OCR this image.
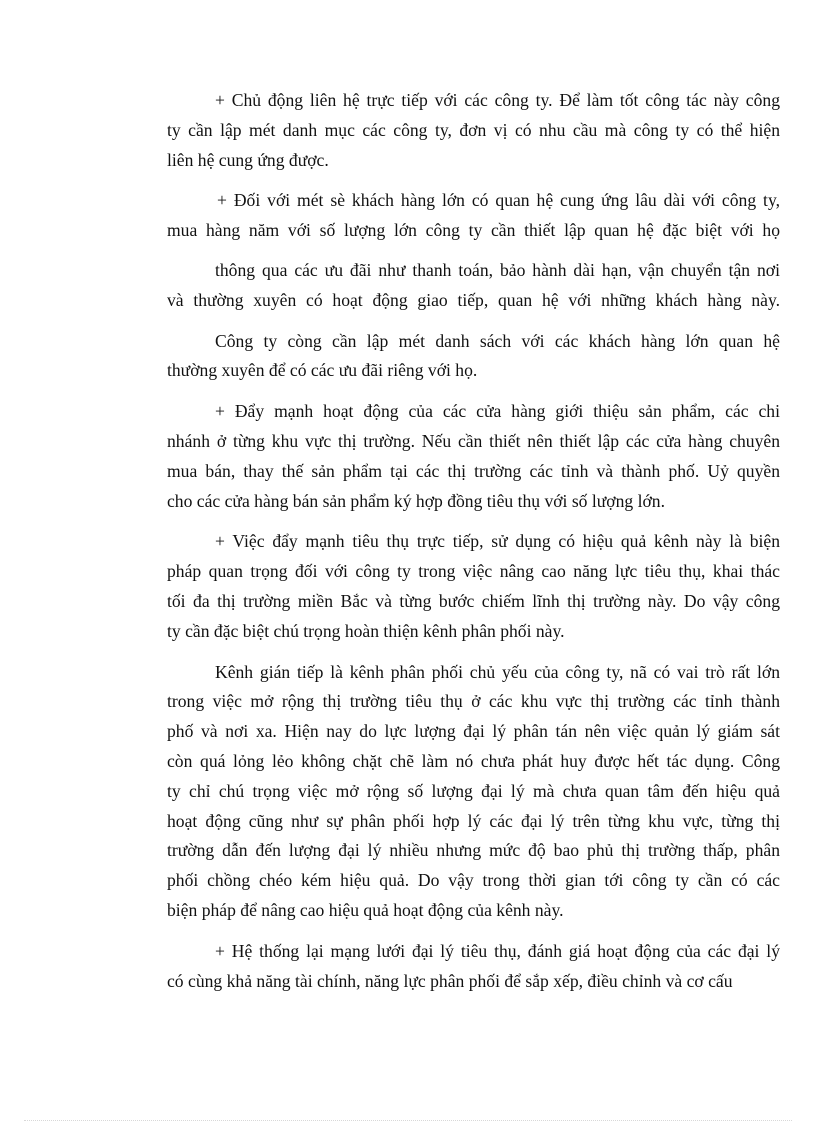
+ Chủ động liên hệ trực tiếp với các công ty. Để làm tốt công tác này công
ty cần lập mét danh mục các công ty, đơn vị có nhu cầu mà công ty có thể hiện
liên hệ cung ứng được.
+ Đối với mét sè khách hàng lớn có quan hệ cung ứng lâu dài với công ty,
mua hàng năm với số lượng lớn công ty cần thiết lập quan hệ đặc biệt với họ
thông qua các ưu đãi như thanh toán, bảo hành dài hạn, vận chuyển tận nơi
và thường xuyên có hoạt động giao tiếp, quan hệ với những khách hàng này.
Công ty còng cần lập mét danh sách với các khách hàng lớn quan hệ
thường xuyên để có các ưu đãi riêng với họ.
+ Đẩy mạnh hoạt động của các cửa hàng giới thiệu sản phẩm, các chi
nhánh ở từng khu vực thị trường. Nếu cần thiết nên thiết lập các cửa hàng chuyên
mua bán, thay thế sản phẩm tại các thị trường các tỉnh và thành phố. Uỷ quyền
cho các cửa hàng bán sản phẩm ký hợp đồng tiêu thụ với số lượng lớn.
+ Việc đẩy mạnh tiêu thụ trực tiếp, sử dụng có hiệu quả kênh này là biện
pháp quan trọng đối với công ty trong việc nâng cao năng lực tiêu thụ, khai thác
tối đa thị trường miền Bắc và từng bước chiếm lĩnh thị trường này. Do vậy công
ty cần đặc biệt chú trọng hoàn thiện kênh phân phối này.
Kênh gián tiếp là kênh phân phối chủ yếu của công ty, nã có vai trò rất lớn
trong việc mở rộng thị trường tiêu thụ ở các khu vực thị trường các tỉnh thành
phố và nơi xa. Hiện nay do lực lượng đại lý phân tán nên việc quản lý giám sát
còn quá lỏng lẻo không chặt chẽ làm nó chưa phát huy được hết tác dụng. Công
ty chỉ chú trọng việc mở rộng số lượng đại lý mà chưa quan tâm đến hiệu quả
hoạt động cũng như sự phân phối hợp lý các đại lý trên từng khu vực, từng thị
trường dẫn đến lượng đại lý nhiều nhưng mức độ bao phủ thị trường thấp, phân
phối chồng chéo kém hiệu quả. Do vậy trong thời gian tới công ty cần có các
biện pháp để nâng cao hiệu quả hoạt động của kênh này.
+ Hệ thống lại mạng lưới đại lý tiêu thụ, đánh giá hoạt động của các đại lý
có cùng khả năng tài chính, năng lực phân phối để sắp xếp, điều chỉnh và cơ cấu
